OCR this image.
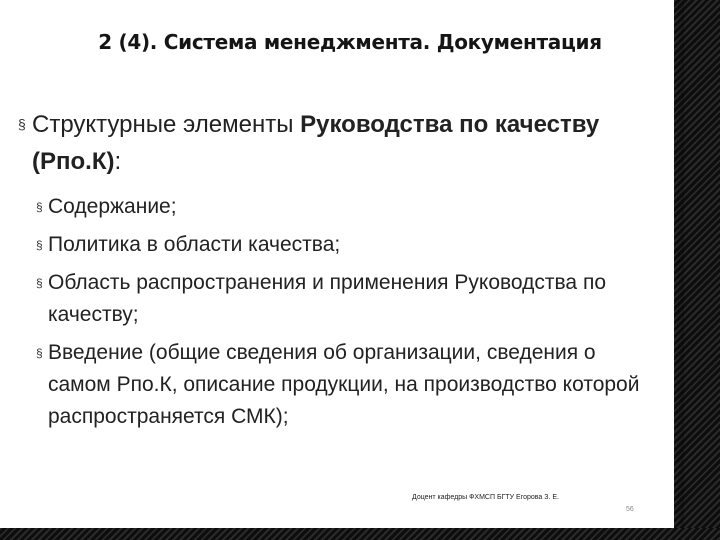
2 (4). Система менеджмента. Документация
§ Структурные элементы Руководства по качеству (Рпо.К):
§ Содержание;
§ Политика в области качества;
§ Область распространения и применения Руководства по качеству;
§ Введение (общие сведения об организации, сведения о самом Рпо.К, описание продукции, на производство которой распространяется СМК);
Доцент кафедры ФХМСП БГТУ Егорова З. Е.
56
